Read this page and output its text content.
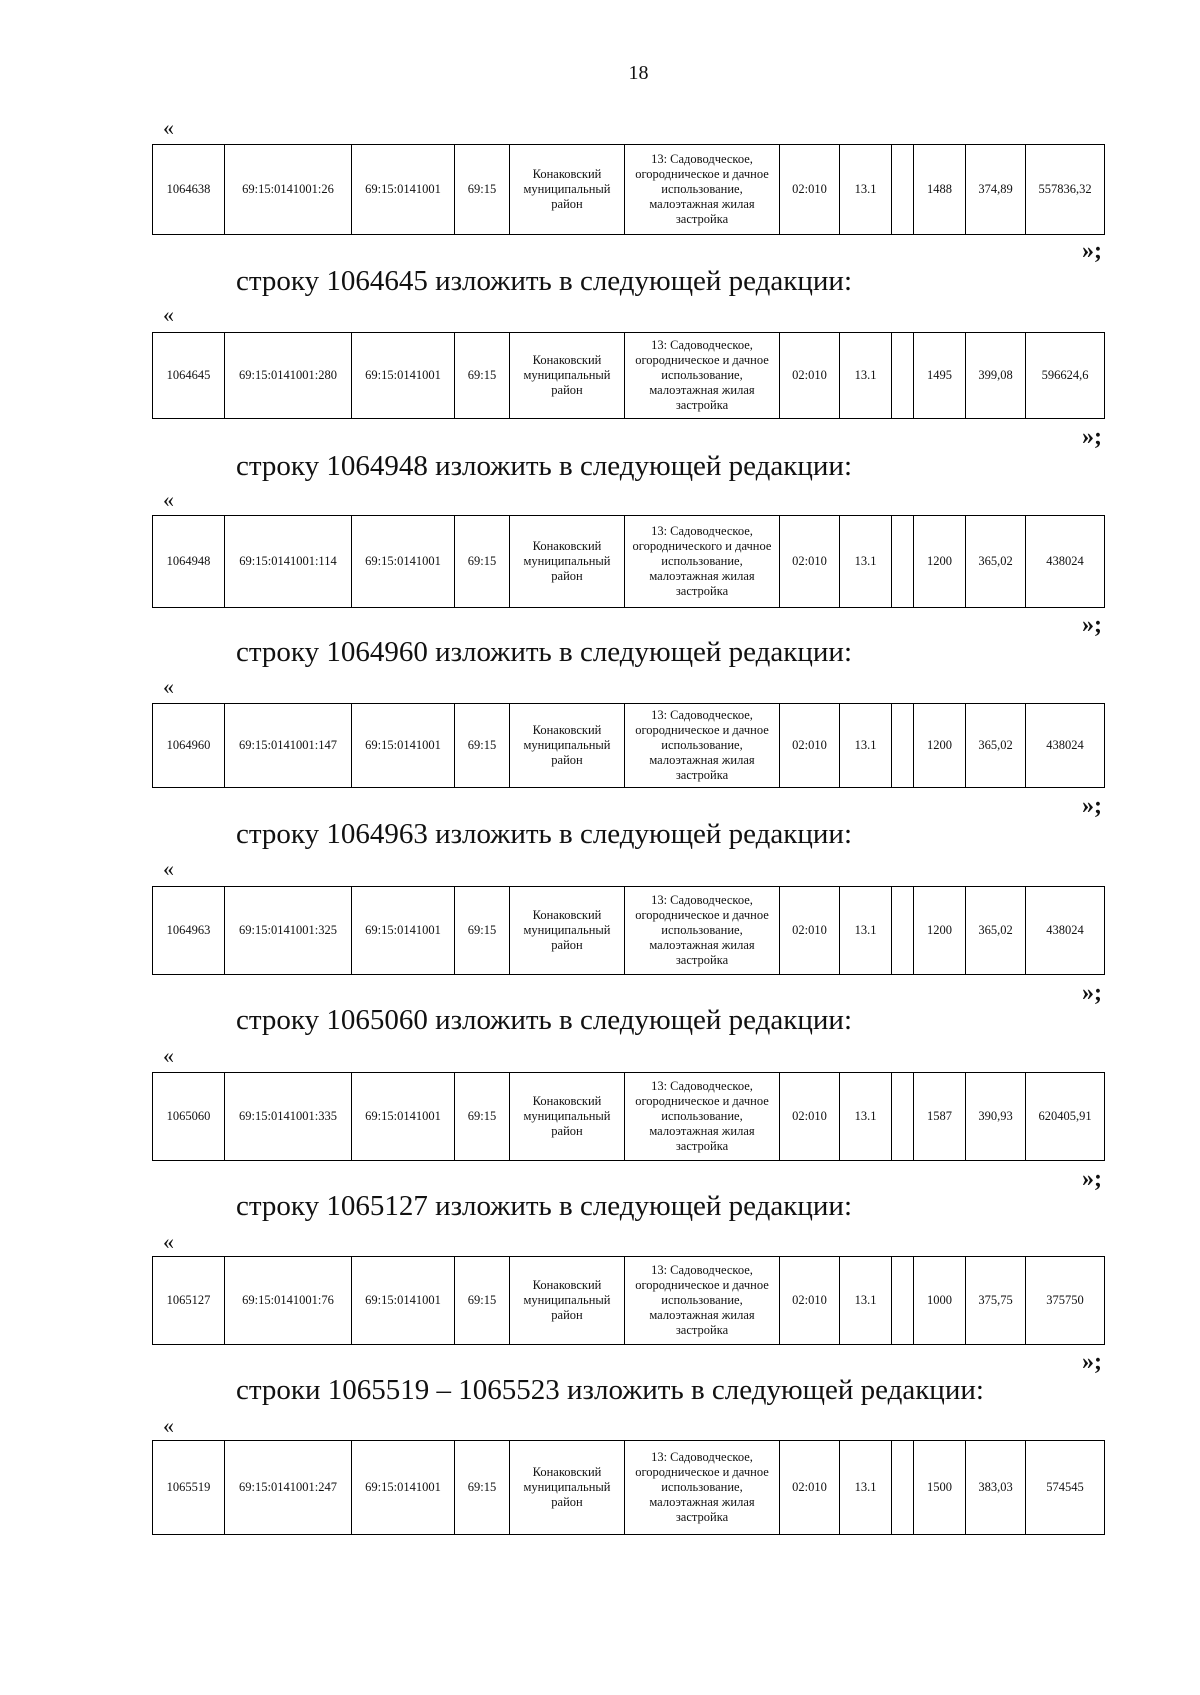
18
«
1064638	69:15:0141001:26	69:15:0141001	69:15	Конаковский муниципальный район	13: Садоводческое, огородническое и дачное использование, малоэтажная жилая застройка	02:010	13.1		1488	374,89	557836,32
»;
строку 1064645 изложить в следующей редакции:
«
1064645	69:15:0141001:280	69:15:0141001	69:15	Конаковский муниципальный район	13: Садоводческое, огородническое и дачное использование, малоэтажная жилая застройка	02:010	13.1		1495	399,08	596624,6
»;
строку 1064948 изложить в следующей редакции:
«
1064948	69:15:0141001:114	69:15:0141001	69:15	Конаковский муниципальный район	13: Садоводческое, огороднического и дачное использование, малоэтажная жилая застройка	02:010	13.1		1200	365,02	438024
»;
строку 1064960 изложить в следующей редакции:
«
1064960	69:15:0141001:147	69:15:0141001	69:15	Конаковский муниципальный район	13: Садоводческое, огородническое и дачное использование, малоэтажная жилая застройка	02:010	13.1		1200	365,02	438024
»;
строку 1064963 изложить в следующей редакции:
«
1064963	69:15:0141001:325	69:15:0141001	69:15	Конаковский муниципальный район	13: Садоводческое, огородническое и дачное использование, малоэтажная жилая застройка	02:010	13.1		1200	365,02	438024
»;
строку 1065060 изложить в следующей редакции:
«
1065060	69:15:0141001:335	69:15:0141001	69:15	Конаковский муниципальный район	13: Садоводческое, огородническое и дачное использование, малоэтажная жилая застройка	02:010	13.1		1587	390,93	620405,91
»;
строку 1065127 изложить в следующей редакции:
«
1065127	69:15:0141001:76	69:15:0141001	69:15	Конаковский муниципальный район	13: Садоводческое, огородническое и дачное использование, малоэтажная жилая застройка	02:010	13.1		1000	375,75	375750
»;
строки 1065519 – 1065523 изложить в следующей редакции:
«
1065519	69:15:0141001:247	69:15:0141001	69:15	Конаковский муниципальный район	13: Садоводческое, огородническое и дачное использование, малоэтажная жилая застройка	02:010	13.1		1500	383,03	574545
